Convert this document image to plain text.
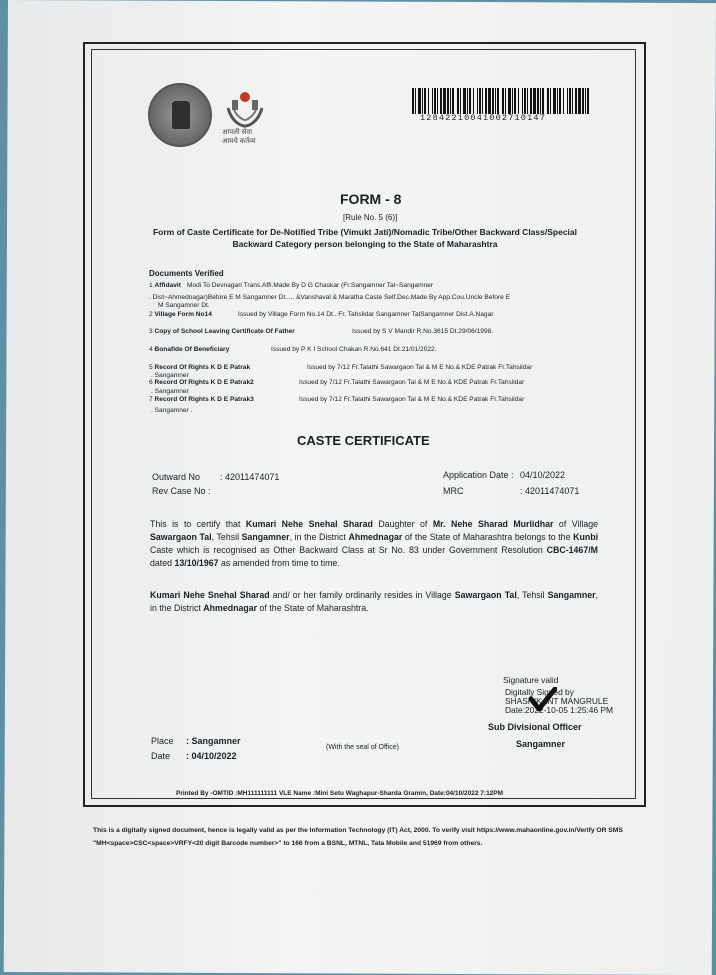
आपली सेवा
आमचे कर्तव्य
128422100410027101​47
FORM - 8
[Rule No. 5 (6)]
Form of Caste Certificate for De-Notified Tribe (Vimukt Jati)/Nomadic Tribe/Other Backward Class/Special Backward Category person belonging to the State of Maharashtra
Documents Verified
1 Affidavit Modi To Devnagari Trans.Affi.Made By D G Chaskar (Fr.Sangamner Tal~Sangamner
. Dist~Ahmednagar)Before E M Sangamner Dt..... &Vanshaval & Maratha Caste Self.Dec.Made By App.Cou.Uncle Before E
M Sangamner Dt.
2 Village Form No14	Issued by Village Form No.14 Dt.. Fr. Tahsildar Sangamner TalSangamner Dist.A.Nagar
3 Copy of School Leaving Certificate Of Father	Issued by S V Mandir R.No.3615 Dt.29/06/1998.
4 Bonafide Of Beneficiary	Issued by P K I School Chakan R.No.641 Dt.21/01/2022.
5 Record Of Rights K D E Patrak	Issued by 7/12 Fr.Talathi Sawargaon Tal & M E No.& KDE Patrak Fr.Tahsildar
. Sangamner
6 Record Of Rights K D E Patrak2	Issued by 7/12 Fr.Talathi Sawargaon Tal & M E No.& KDE Patrak Fr.Tahsildar
. Sangamner
7 Record Of Rights K D E Patrak3	Issued by 7/12 Fr.Talathi Sawargaon Tal & M E No.& KDE Patrak Fr.Tahsildar
. Sangamner .
CASTE CERTIFICATE
Outward No : 42011474071
Rev Case No :
Application Date : 04/10/2022
MRC	: 42011474071
This is to certify that Kumari Nehe Snehal Sharad Daughter of Mr. Nehe Sharad Murlidhar of Village Sawargaon Tal, Tehsil Sangamner, in the District Ahmednagar of the State of Maharashtra belongs to the Kunbi Caste which is recognised as Other Backward Class at Sr No. 83 under Government Resolution CBC-1467/M dated 13/10/1967 as amended from time to time.
Kumari Nehe Snehal Sharad and/ or her family ordinarily resides in Village Sawargaon Tal, Tehsil Sangamner, in the District Ahmednagar of the State of Maharashtra.
Signature valid
Digitally Signed by
SHASHIKANT MANGRULE
Date:2022-10-05 1:25:46 PM
Sub Divisional Officer
Sangamner
Place : Sangamner
Date : 04/10/2022
(With the seal of Office)
Printed By -OMTID :MH111111111 VLE Name :Mini Setu Waghapur-Sharda Gramin, Date:04/10/2022 7:12PM
This is a digitally signed document, hence is legally valid as per the Information Technology (IT) Act, 2000. To verify visit https://www.mahaonline.gov.in/Verify OR SMS "MH<space>CSC<space>VRFY<20 digit Barcode number>" to 166 from a BSNL, MTNL, Tata Mobile and 51969 from others.
